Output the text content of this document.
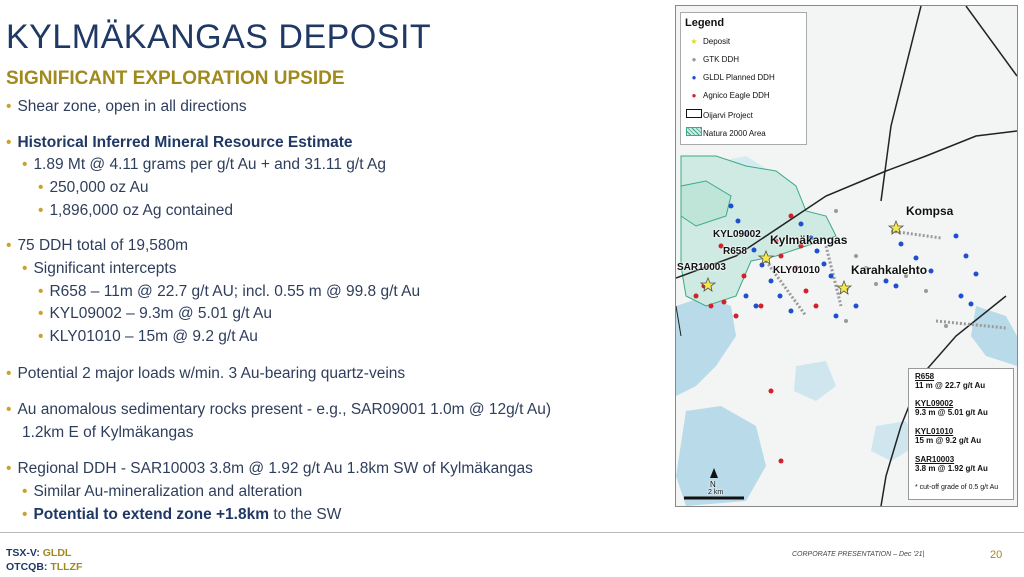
KYLMÄKANGAS DEPOSIT
SIGNIFICANT EXPLORATION UPSIDE
• Shear zone, open in all directions
• Historical Inferred Mineral Resource Estimate
• 1.89 Mt @ 4.11 grams per g/t Au + and 31.11 g/t Ag
• 250,000 oz Au
• 1,896,000 oz Ag contained
• 75 DDH total of 19,580m
• Significant intercepts
• R658 – 11m @ 22.7 g/t AU; incl. 0.55 m @ 99.8 g/t Au
• KYL09002 – 9.3m @ 5.01 g/t Au
• KLY01010 – 15m @ 9.2 g/t Au
• Potential 2 major loads w/min. 3 Au-bearing quartz-veins
• Au anomalous sedimentary rocks present - e.g., SAR09001 1.0m @ 12g/t Au)
1.2km E of Kylmäkangas
• Regional DDH - SAR10003 3.8m @ 1.92 g/t Au 1.8km SW of Kylmäkangas
• Similar Au-mineralization and alteration
• Potential to extend zone +1.8km to the SW
N
2 km
Kompsa
KYL09002 Kylmäkangas
R658
SAR10003	KLY01010	Karahkalehto
Legend
★ Deposit
● GTK DDH
● GLDL Planned DDH
● Agnico Eagle DDH
Oijarvi Project
Natura 2000 Area
R658
11 m @ 22.7 g/t Au
KYL09002
9.3 m @ 5.01 g/t Au
KYL01010
15 m @ 9.2 g/t Au
SAR10003
3.8 m @ 1.92 g/t Au
* cut-off grade of 0.5 g/t Au
TSX-V: GLDL
OTCQB: TLLZF
CORPORATE PRESENTATION – Dec '21|	20
